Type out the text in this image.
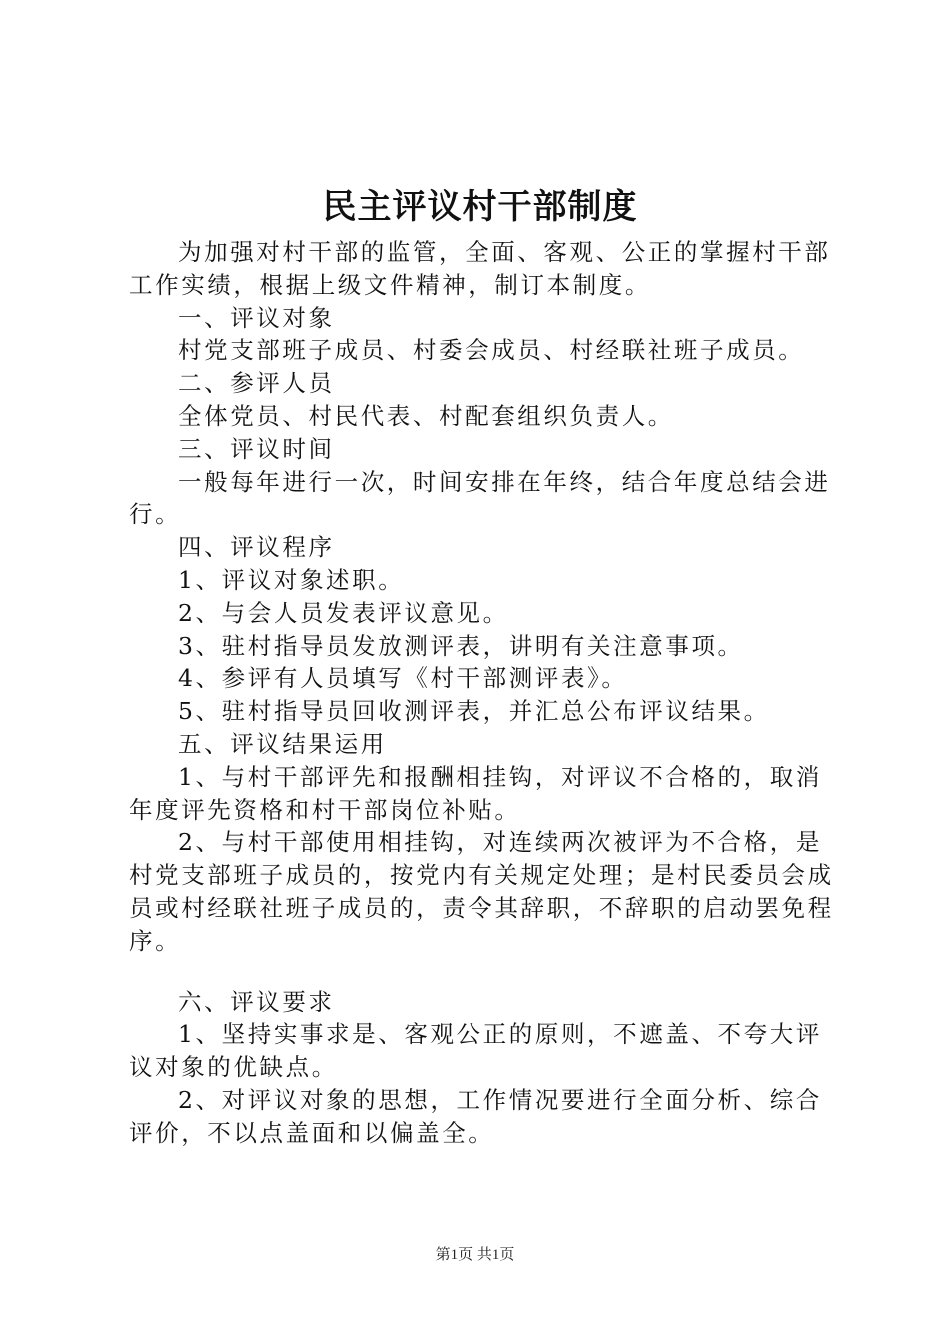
民主评议村干部制度

为加强对村干部的监管，全面、客观、公正的掌握村干部工作实绩，根据上级文件精神，制订本制度。

一、评议对象

村党支部班子成员、村委会成员、村经联社班子成员。

二、参评人员

全体党员、村民代表、村配套组织负责人。

三、评议时间

一般每年进行一次，时间安排在年终，结合年度总结会进行。

四、评议程序

1、评议对象述职。

2、与会人员发表评议意见。

3、驻村指导员发放测评表，讲明有关注意事项。

4、参评有人员填写《村干部测评表》。

5、驻村指导员回收测评表，并汇总公布评议结果。

五、评议结果运用

1、与村干部评先和报酬相挂钩，对评议不合格的，取消年度评先资格和村干部岗位补贴。

2、与村干部使用相挂钩，对连续两次被评为不合格，是村党支部班子成员的，按党内有关规定处理；是村民委员会成员或村经联社班子成员的，责令其辞职，不辞职的启动罢免程序。

六、评议要求

1、坚持实事求是、客观公正的原则，不遮盖、不夸大评议对象的优缺点。

2、对评议对象的思想，工作情况要进行全面分析、综合评价，不以点盖面和以偏盖全。

第1页 共1页
